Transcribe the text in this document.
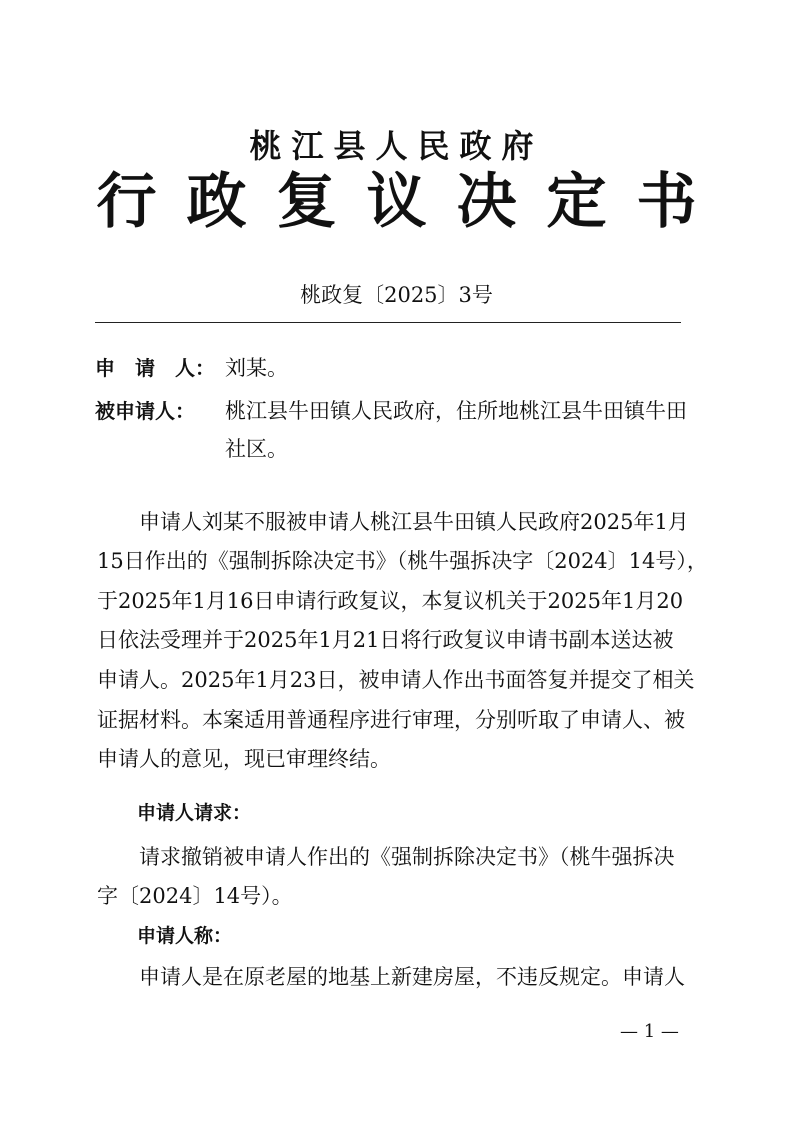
桃江县人民政府
行政复议决定书
桃政复〔2025〕3号
申　请　人： 刘某。
被申请人： 桃江县牛田镇人民政府，住所地桃江县牛田镇牛田
社区。
　　申请人刘某不服被申请人桃江县牛田镇人民政府2025年1月
15日作出的《强制拆除决定书》（桃牛强拆决字〔2024〕14号），
于2025年1月16日申请行政复议，本复议机关于2025年1月20
日依法受理并于2025年1月21日将行政复议申请书副本送达被
申请人。2025年1月23日，被申请人作出书面答复并提交了相关
证据材料。本案适用普通程序进行审理，分别听取了申请人、被
申请人的意见，现已审理终结。
申请人请求：
　　请求撤销被申请人作出的《强制拆除决定书》（桃牛强拆决
字〔2024〕14号）。
申请人称：
　　申请人是在原老屋的地基上新建房屋，不违反规定。申请人
— 1 —
